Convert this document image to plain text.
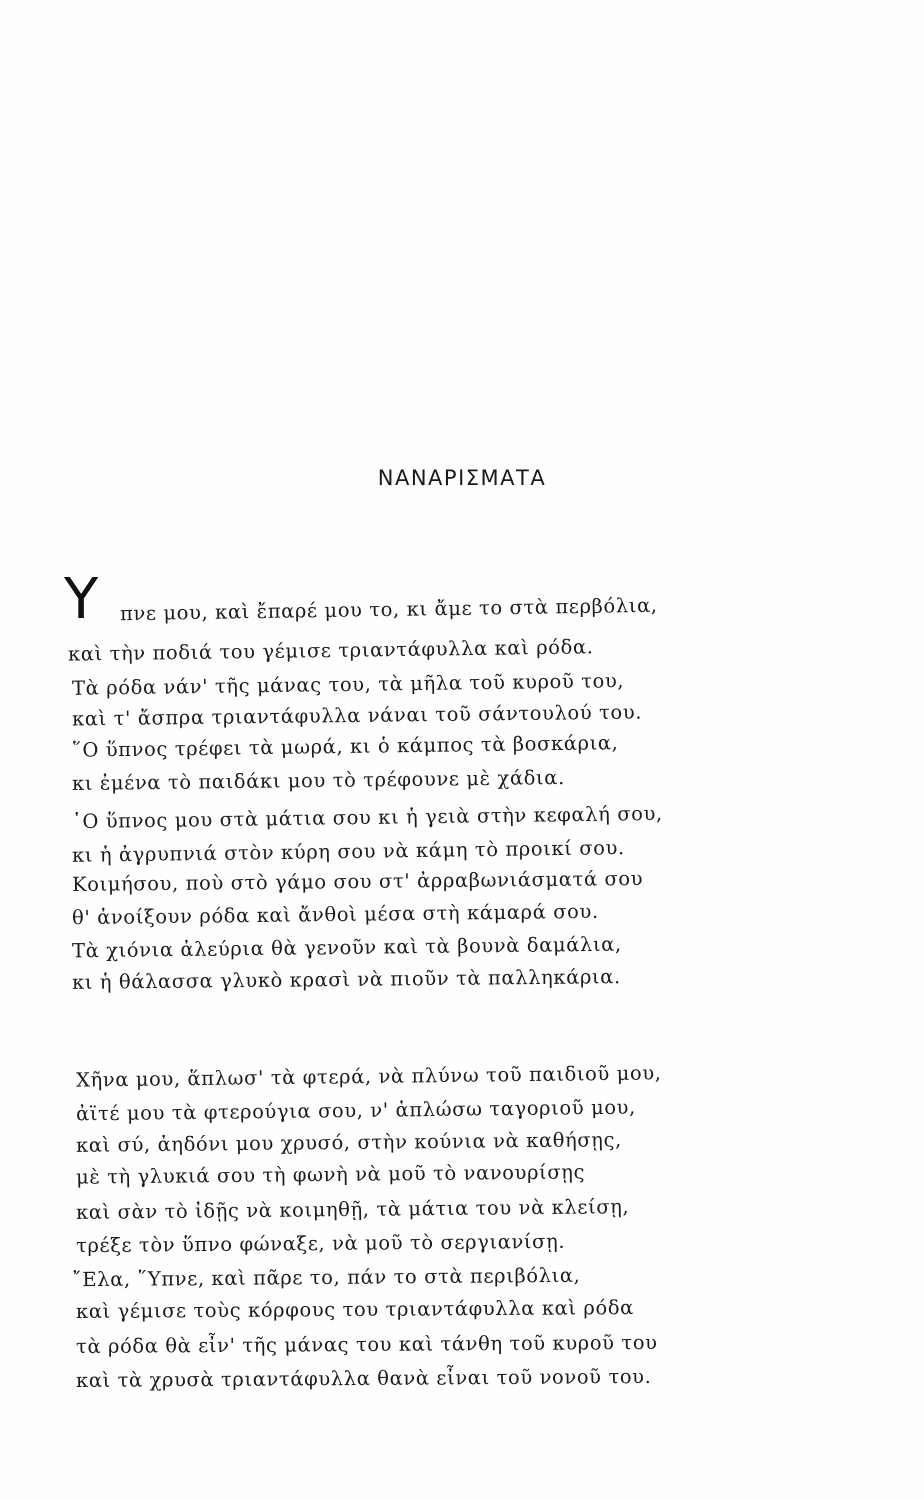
ΝΑΝΑΡΙΣΜΑΤΑ
Υ πνε μου, καὶ ἔπαρέ μου το, κι ἄμε το στὰ περβόλια,
καὶ τὴν ποδιά του γέμισε τριαντάφυλλα καὶ ρόδα.
Τὰ ρόδα νάν' τῆς μάνας του, τὰ μῆλα τοῦ κυροῦ του,
καὶ τ' ἄσπρα τριαντάφυλλα νάναι τοῦ σάντουλού του.
῞Ο ὕπνος τρέφει τὰ μωρά, κι ὁ κάμπος τὰ βοσκάρια,
κι ἐμένα τὸ παιδάκι μου τὸ τρέφουνε μὲ χάδια.
῾Ο ὕπνος μου στὰ μάτια σου κι ἡ γειὰ στὴν κεφαλή σου,
κι ἡ ἀγρυπνιά στὸν κύρη σου νὰ κάμη τὸ προικί σου.
Κοιμήσου, ποὺ στὸ γάμο σου στ' ἀρραβωνιάσματά σου
θ' ἀνοίξουν ρόδα καὶ ἄνθοὶ μέσα στὴ κάμαρά σου.
Τὰ χιόνια ἀλεύρια θὰ γενοῦν καὶ τὰ βουνὰ δαμάλια,
κι ἡ θάλασσα γλυκὸ κρασὶ νὰ πιοῦν τὰ παλληκάρια.
Χῆνα μου, ἅπλωσ' τὰ φτερά, νὰ πλύνω τοῦ παιδιοῦ μου,
ἀϊτέ μου τὰ φτερούγια σου, ν' ἁπλώσω ταγοριοῦ μου,
καὶ σύ, ἀηδόνι μου χρυσό, στὴν κούνια νὰ καθήσῃς,
μὲ τὴ γλυκιά σου τὴ φωνὴ νὰ μοῦ τὸ νανουρίσῃς
καὶ σὰν τὸ ἰδῇς νὰ κοιμηθῇ, τὰ μάτια του νὰ κλείσῃ,
τρέξε τὸν ὕπνο φώναξε, νὰ μοῦ τὸ σεργιανίσῃ.
῎Ελα, ῞Υπνε, καὶ πᾶρε το, πάν το στὰ περιβόλια,
καὶ γέμισε τοὺς κόρφους του τριαντάφυλλα καὶ ρόδα
τὰ ρόδα θὰ εἶν' τῆς μάνας του καὶ τάνθη τοῦ κυροῦ του
καὶ τὰ χρυσὰ τριαντάφυλλα θανὰ εἶναι τοῦ νονοῦ του.
